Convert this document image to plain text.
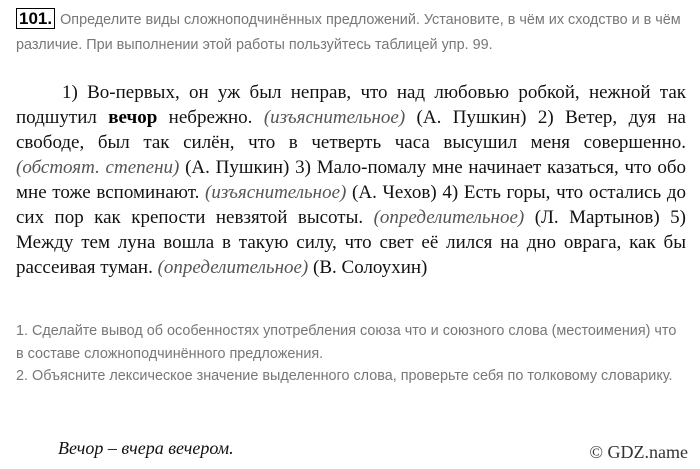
101. Определите виды сложноподчинённых предложений. Установите, в чём их сходство и в чём различие. При выполнении этой работы пользуйтесь таблицей упр. 99.

1) Во-первых, он уж был неправ, что над любовью робкой, нежной так подшутил вечор небрежно. (изъяснительное) (А. Пушкин) 2) Ветер, дуя на свободе, был так силён, что в четверть часа высушил меня совершенно. (обстоят. степени) (А. Пушкин) 3) Мало-помалу мне начинает казаться, что обо мне тоже вспоминают. (изъяснительное) (А. Чехов) 4) Есть горы, что остались до сих пор как крепости невзятой высоты. (определительное) (Л. Мартынов) 5) Между тем луна вошла в такую силу, что свет её лился на дно оврага, как бы рассеивая туман. (определительное) (В. Солоухин)

1. Сделайте вывод об особенностях употребления союза что и союзного слова (местоимения) что в составе сложноподчинённого предложения.

2. Объясните лексическое значение выделенного слова, проверьте себя по толковому словарику.

Вечор – вчера вечером.	© GDZ.name
